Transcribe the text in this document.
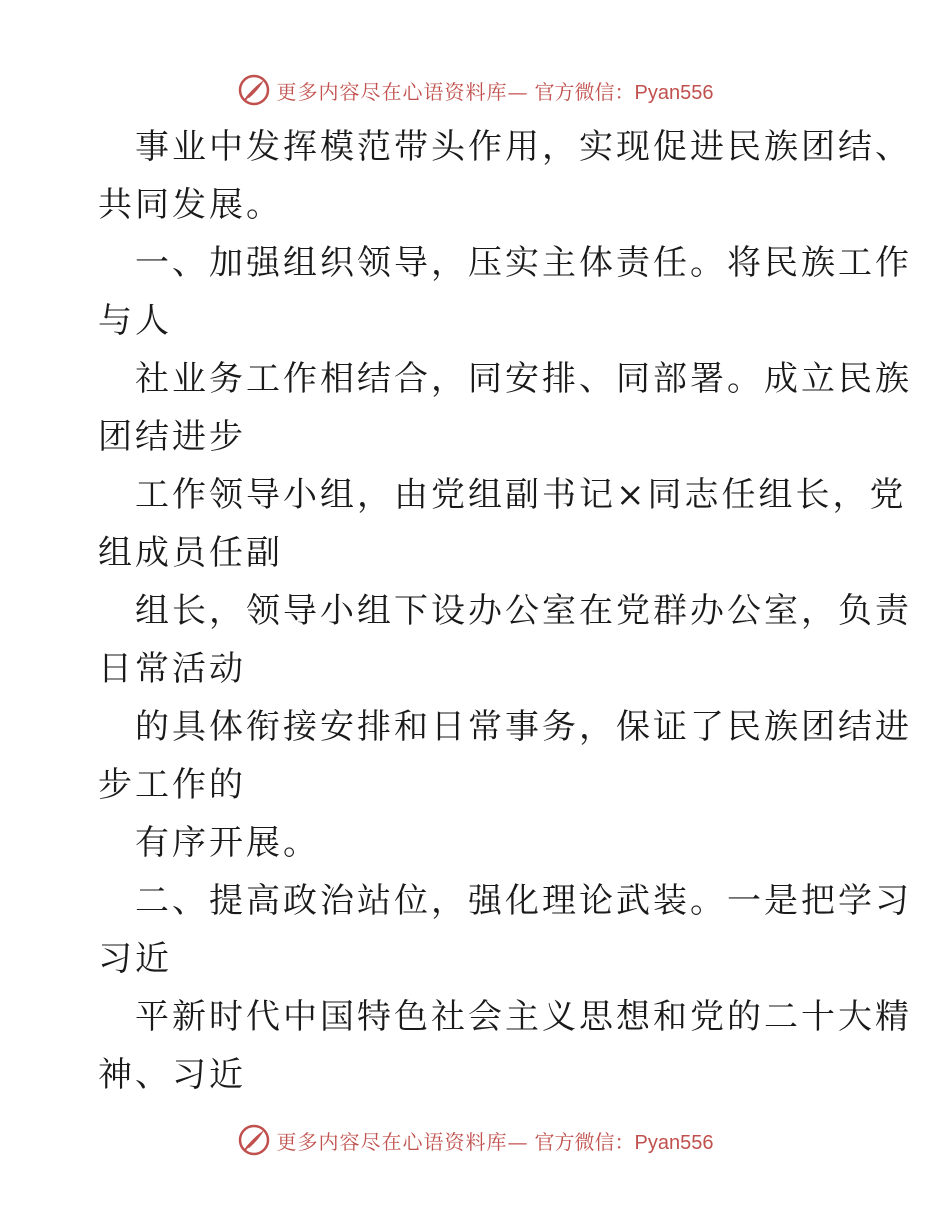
更多内容尽在心语资料库— 官方微信：Pyan556
事业中发挥模范带头作用，实现促进民族团结、
共同发展。
一、加强组织领导，压实主体责任。将民族工作
与人
社业务工作相结合，同安排、同部署。成立民族
团结进步
工作领导小组，由党组副书记×同志任组长，党
组成员任副
组长，领导小组下设办公室在党群办公室，负责
日常活动
的具体衔接安排和日常事务，保证了民族团结进
步工作的
有序开展。
二、提高政治站位，强化理论武装。一是把学习
习近
平新时代中国特色社会主义思想和党的二十大精
神、习近
更多内容尽在心语资料库— 官方微信：Pyan556
